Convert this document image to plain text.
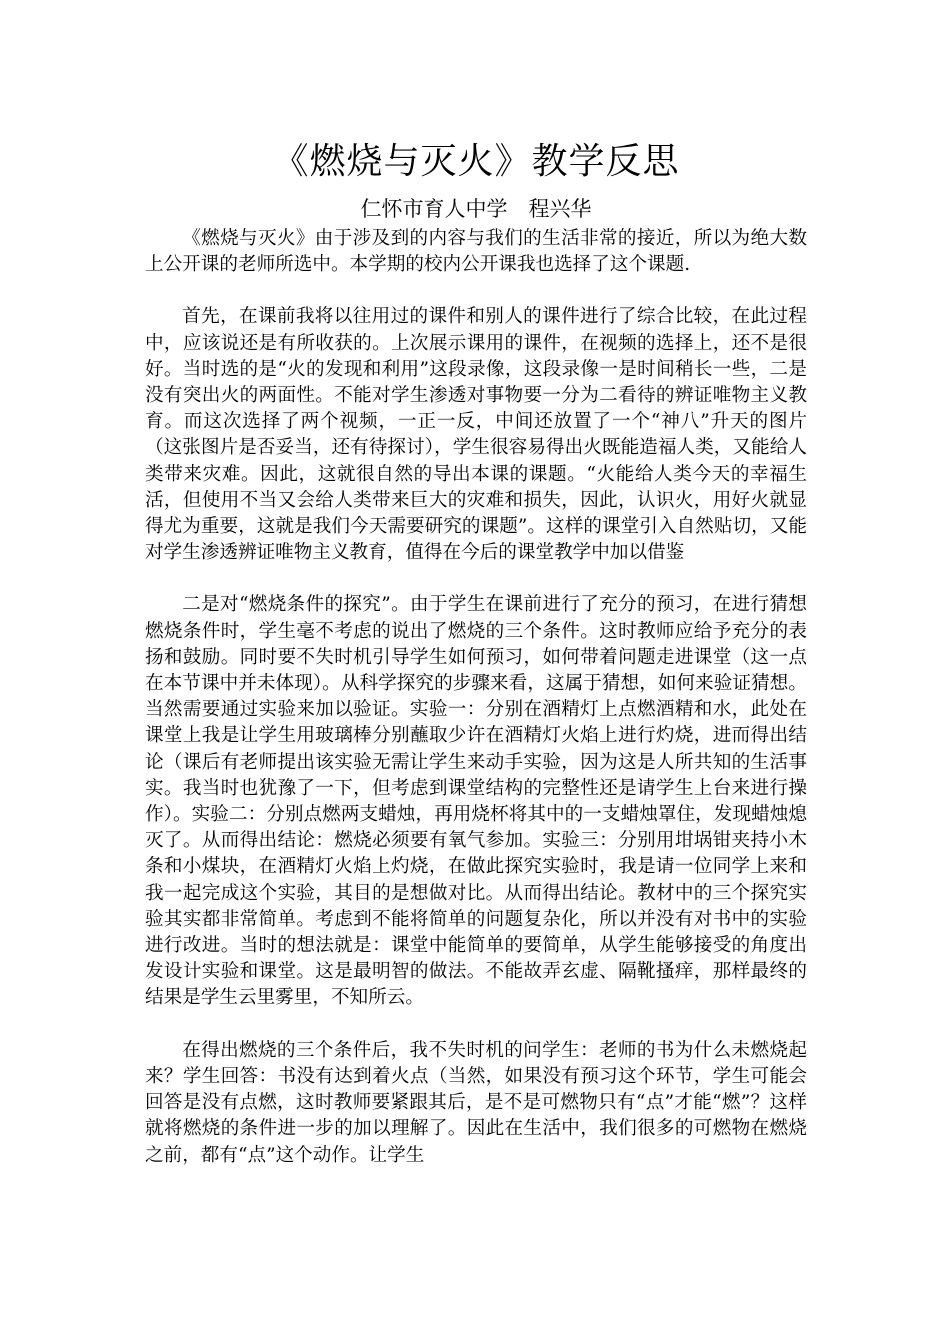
《燃烧与灭火》教学反思
仁怀市育人中学　程兴华

《燃烧与灭火》由于涉及到的内容与我们的生活非常的接近，所以为绝大数上公开课的老师所选中。本学期的校内公开课我也选择了这个课题.

首先，在课前我将以往用过的课件和别人的课件进行了综合比较，在此过程中，应该说还是有所收获的。上次展示课用的课件，在视频的选择上，还不是很好。当时选的是“火的发现和利用”这段录像，这段录像一是时间稍长一些，二是没有突出火的两面性。不能对学生渗透对事物要一分为二看待的辨证唯物主义教育。而这次选择了两个视频，一正一反，中间还放置了一个“神八”升天的图片（这张图片是否妥当，还有待探讨），学生很容易得出火既能造福人类，又能给人类带来灾难。因此，这就很自然的导出本课的课题。“火能给人类今天的幸福生活，但使用不当又会给人类带来巨大的灾难和损失，因此，认识火，用好火就显得尤为重要，这就是我们今天需要研究的课题”。这样的课堂引入自然贴切，又能对学生渗透辨证唯物主义教育，值得在今后的课堂教学中加以借鉴

二是对“燃烧条件的探究”。由于学生在课前进行了充分的预习，在进行猜想燃烧条件时，学生毫不考虑的说出了燃烧的三个条件。这时教师应给予充分的表扬和鼓励。同时要不失时机引导学生如何预习，如何带着问题走进课堂（这一点在本节课中并未体现）。从科学探究的步骤来看，这属于猜想，如何来验证猜想。当然需要通过实验来加以验证。实验一：分别在酒精灯上点燃酒精和水，此处在课堂上我是让学生用玻璃棒分别蘸取少许在酒精灯火焰上进行灼烧，进而得出结论（课后有老师提出该实验无需让学生来动手实验，因为这是人所共知的生活事实。我当时也犹豫了一下，但考虑到课堂结构的完整性还是请学生上台来进行操作）。实验二：分别点燃两支蜡烛，再用烧杯将其中的一支蜡烛罩住，发现蜡烛熄灭了。从而得出结论：燃烧必须要有氧气参加。实验三：分别用坩埚钳夹持小木条和小煤块，在酒精灯火焰上灼烧，在做此探究实验时，我是请一位同学上来和我一起完成这个实验，其目的是想做对比。从而得出结论。教材中的三个探究实验其实都非常简单。考虑到不能将简单的问题复杂化，所以并没有对书中的实验进行改进。当时的想法就是：课堂中能简单的要简单，从学生能够接受的角度出发设计实验和课堂。这是最明智的做法。不能故弄玄虚、隔靴搔痒，那样最终的结果是学生云里雾里，不知所云。

在得出燃烧的三个条件后，我不失时机的问学生：老师的书为什么未燃烧起来？学生回答：书没有达到着火点（当然，如果没有预习这个环节，学生可能会回答是没有点燃，这时教师要紧跟其后，是不是可燃物只有“点”才能“燃”？这样就将燃烧的条件进一步的加以理解了。因此在生活中，我们很多的可燃物在燃烧之前，都有“点”这个动作。让学生
